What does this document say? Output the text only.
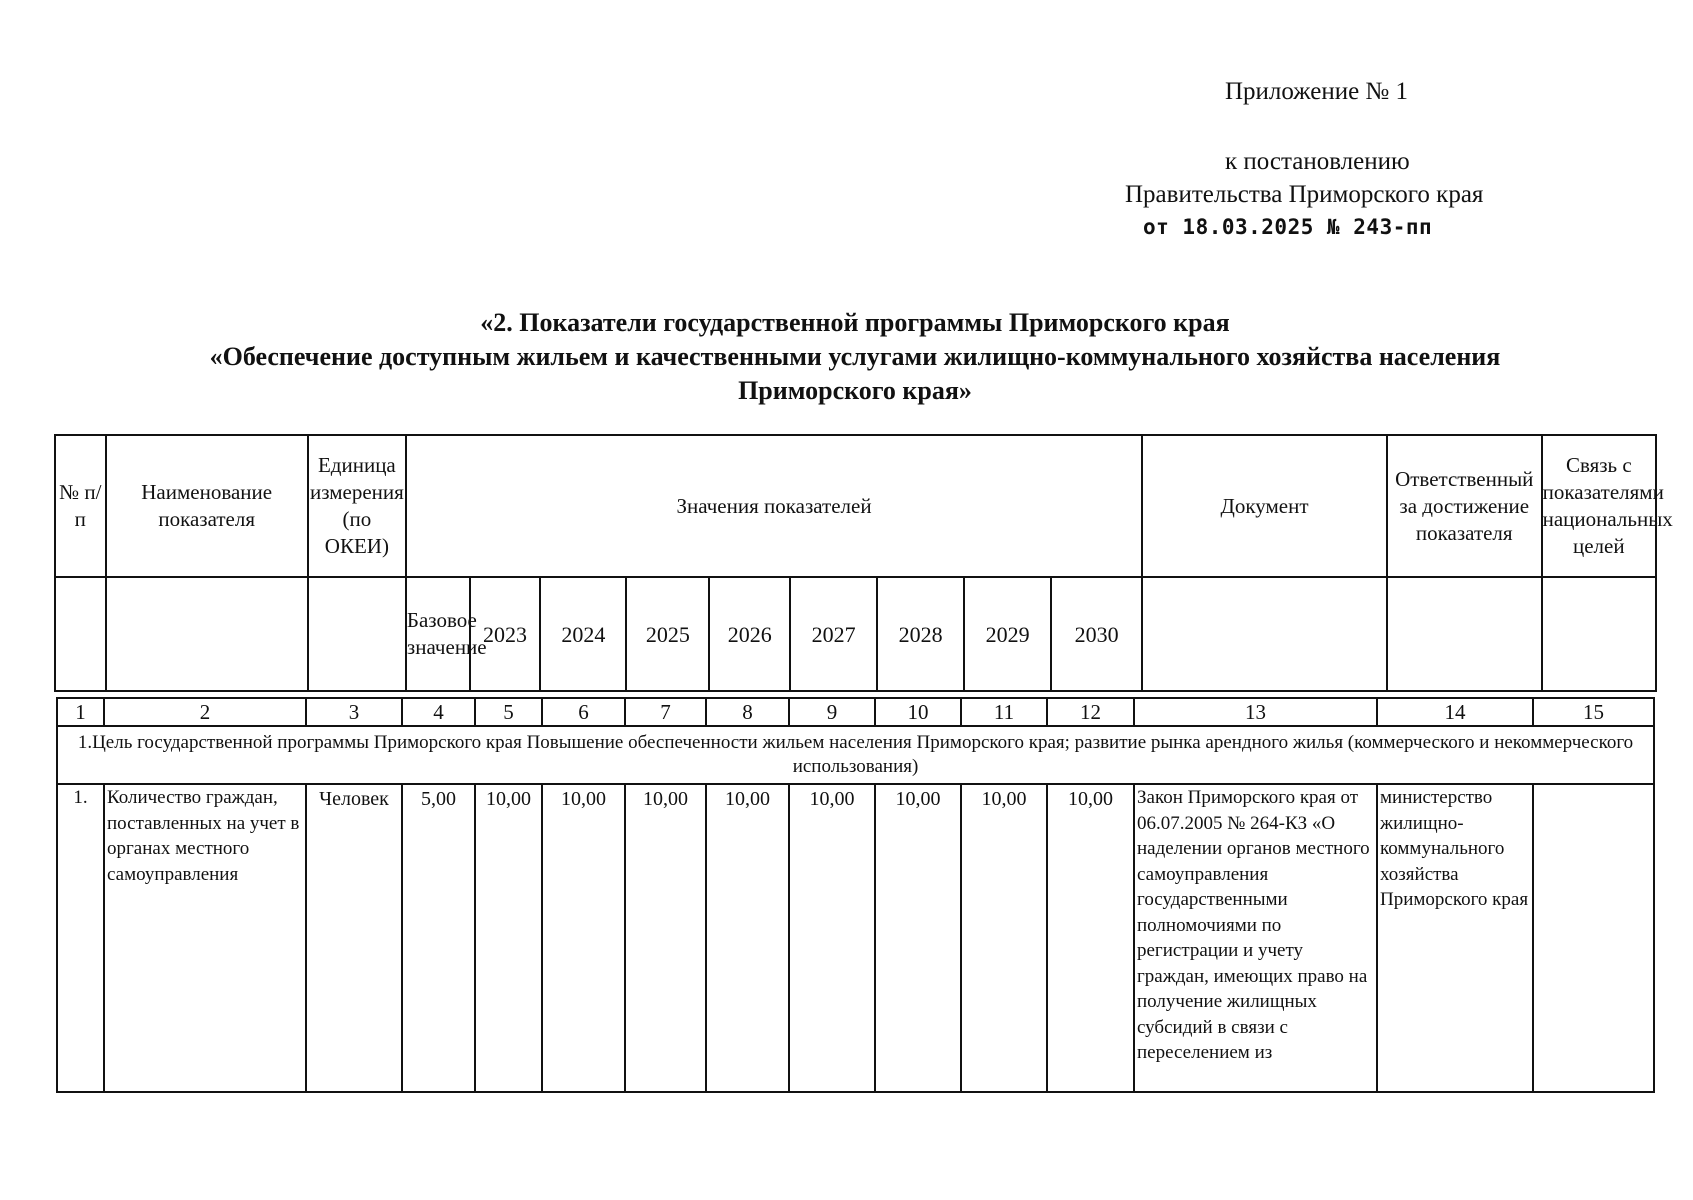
Приложение № 1
к постановлению
Правительства Приморского края
от 18.03.2025 № 243-пп
«2. Показатели государственной программы Приморского края
«Обеспечение доступным жильем и качественными услугами жилищно-коммунального хозяйства населения
Приморского края»
№ п/п	Наименование показателя	Единица измерения (по ОКЕИ)	Значения показателей									Документ	Ответственный за достижение показателя	Связь с показателями национальных целей
			Базовое значение	2023	2024	2025	2026	2027	2028	2029	2030			
1	2	3	4	5	6	7	8	9	10	11	12	13	14	15
1.Цель государственной программы Приморского края Повышение обеспеченности жильем населения Приморского края; развитие рынка арендного жилья (коммерческого и некоммерческого использования)														
1.	Количество граждан, поставленных на учет в органах местного самоуправления	Человек	5,00	10,00	10,00	10,00	10,00	10,00	10,00	10,00	10,00	Закон Приморского края от 06.07.2005 № 264-КЗ «О наделении органов местного самоуправления государственными полномочиями по регистрации и учету граждан, имеющих право на получение жилищных субсидий в связи с переселением из	министерство жилищно-коммунального хозяйства Приморского края	
